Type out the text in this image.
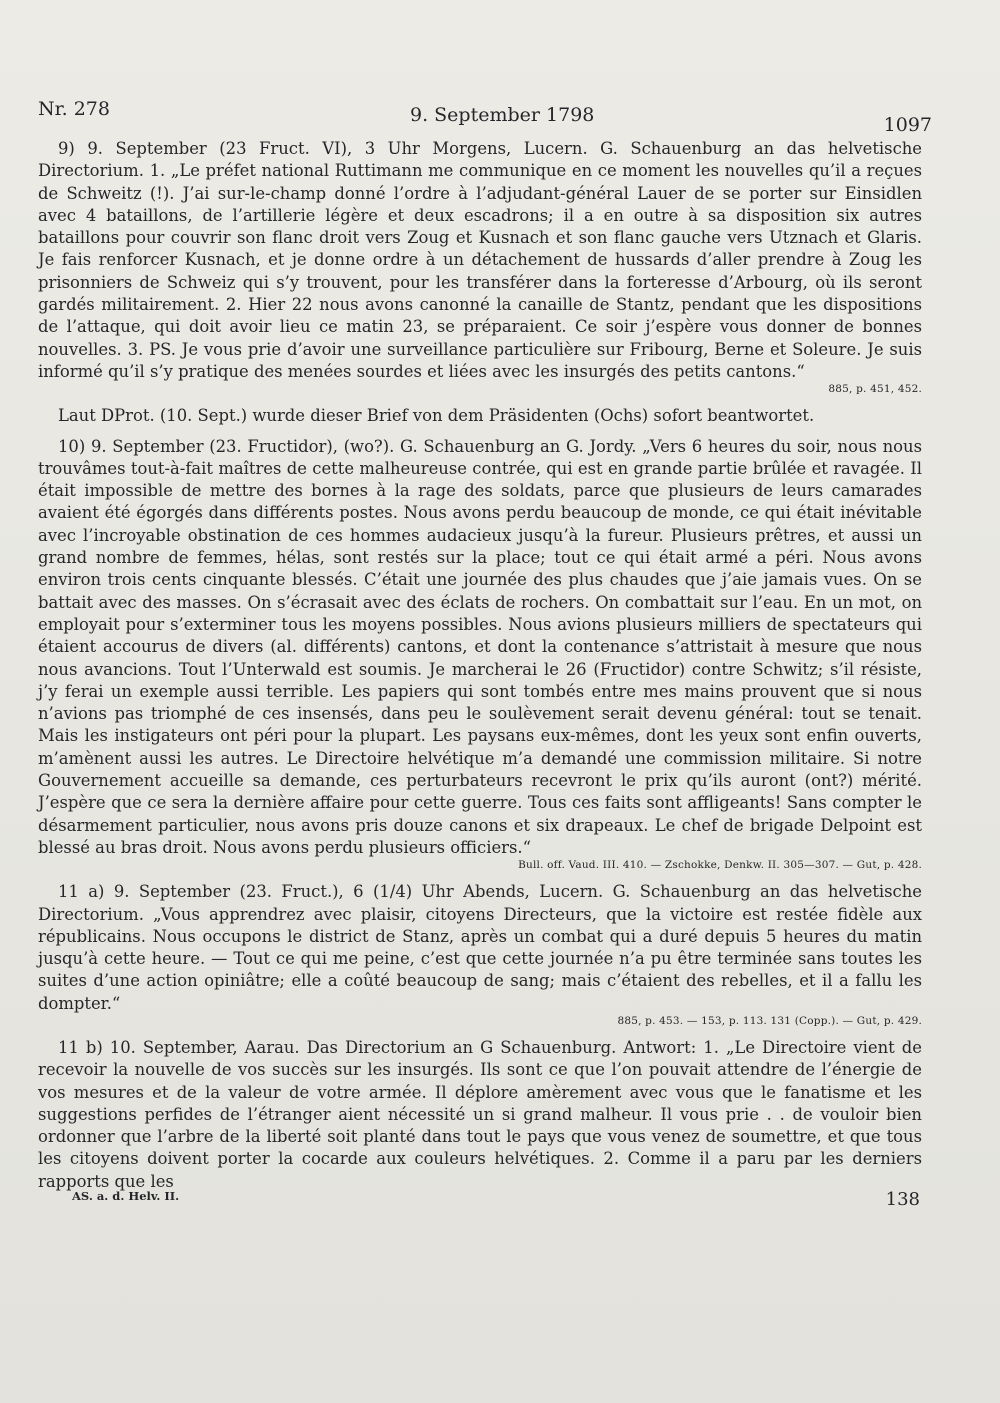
Nr. 278	9. September 1798	1097

9) 9. September (23 Fruct. VI), 3 Uhr Morgens, Lucern. G. Schauenburg an das helvetische Directorium. 1. „Le préfet national Ruttimann me communique en ce moment les nouvelles qu’il a reçues de Schweitz (!). J’ai sur-le-champ donné l’ordre à l’adjudant-général Lauer de se porter sur Einsidlen avec 4 bataillons, de l’artillerie légère et deux escadrons; il a en outre à sa disposition six autres bataillons pour couvrir son flanc droit vers Zoug et Kusnach et son flanc gauche vers Utznach et Glaris. Je fais renforcer Kusnach, et je donne ordre à un détachement de hussards d’aller prendre à Zoug les prisonniers de Schweiz qui s’y trouvent, pour les transférer dans la forteresse d’Arbourg, où ils seront gardés militairement. 2. Hier 22 nous avons canonné la canaille de Stantz, pendant que les dispositions de l’attaque, qui doit avoir lieu ce matin 23, se préparaient. Ce soir j’espère vous donner de bonnes nouvelles. 3. PS. Je vous prie d’avoir une surveillance particulière sur Fribourg, Berne et Soleure. Je suis informé qu’il s’y pratique des menées sourdes et liées avec les insurgés des petits cantons.“
885, p. 451, 452.

Laut DProt. (10. Sept.) wurde dieser Brief von dem Präsidenten (Ochs) sofort beantwortet.

10) 9. September (23. Fructidor), (wo?). G. Schauenburg an G. Jordy. „Vers 6 heures du soir, nous nous trouvâmes tout-à-fait maîtres de cette malheureuse contrée, qui est en grande partie brûlée et ravagée. Il était impossible de mettre des bornes à la rage des soldats, parce que plusieurs de leurs camarades avaient été égorgés dans différents postes. Nous avons perdu beaucoup de monde, ce qui était inévitable avec l’incroyable obstination de ces hommes audacieux jusqu’à la fureur. Plusieurs prêtres, et aussi un grand nombre de femmes, hélas, sont restés sur la place; tout ce qui était armé a péri. Nous avons environ trois cents cinquante blessés. C’était une journée des plus chaudes que j’aie jamais vues. On se battait avec des masses. On s’écrasait avec des éclats de rochers. On combattait sur l’eau. En un mot, on employait pour s’exterminer tous les moyens possibles. Nous avions plusieurs milliers de spectateurs qui étaient accourus de divers (al. différents) cantons, et dont la contenance s’attristait à mesure que nous nous avancions. Tout l’Unterwald est soumis. Je marcherai le 26 (Fructidor) contre Schwitz; s’il résiste, j’y ferai un exemple aussi terrible. Les papiers qui sont tombés entre mes mains prouvent que si nous n’avions pas triomphé de ces insensés, dans peu le soulèvement serait devenu général: tout se tenait. Mais les instigateurs ont péri pour la plupart. Les paysans eux-mêmes, dont les yeux sont enfin ouverts, m’amènent aussi les autres. Le Directoire helvétique m’a demandé une commission militaire. Si notre Gouvernement accueille sa demande, ces perturbateurs recevront le prix qu’ils auront (ont?) mérité. J’espère que ce sera la dernière affaire pour cette guerre. Tous ces faits sont affligeants! Sans compter le désarmement particulier, nous avons pris douze canons et six drapeaux. Le chef de brigade Delpoint est blessé au bras droit. Nous avons perdu plusieurs officiers.“
Bull. off. Vaud. III. 410. — Zschokke, Denkw. II. 305—307. — Gut, p. 428.

11 a) 9. September (23. Fruct.), 6 (1/4) Uhr Abends, Lucern. G. Schauenburg an das helvetische Directorium. „Vous apprendrez avec plaisir, citoyens Directeurs, que la victoire est restée fidèle aux républicains. Nous occupons le district de Stanz, après un combat qui a duré depuis 5 heures du matin jusqu’à cette heure. — Tout ce qui me peine, c’est que cette journée n’a pu être terminée sans toutes les suites d’une action opiniâtre; elle a coûté beaucoup de sang; mais c’étaient des rebelles, et il a fallu les dompter.“
885, p. 453. — 153, p. 113. 131 (Copp.). — Gut, p. 429.

11 b) 10. September, Aarau. Das Directorium an G Schauenburg. Antwort: 1. „Le Directoire vient de recevoir la nouvelle de vos succès sur les insurgés. Ils sont ce que l’on pouvait attendre de l’énergie de vos mesures et de la valeur de votre armée. Il déplore amèrement avec vous que le fanatisme et les suggestions perfides de l’étranger aient nécessité un si grand malheur. Il vous prie . . de vouloir bien ordonner que l’arbre de la liberté soit planté dans tout le pays que vous venez de soumettre, et que tous les citoyens doivent porter la cocarde aux couleurs helvétiques. 2. Comme il a paru par les derniers rapports que les

AS. a. d. Helv. II.	138
